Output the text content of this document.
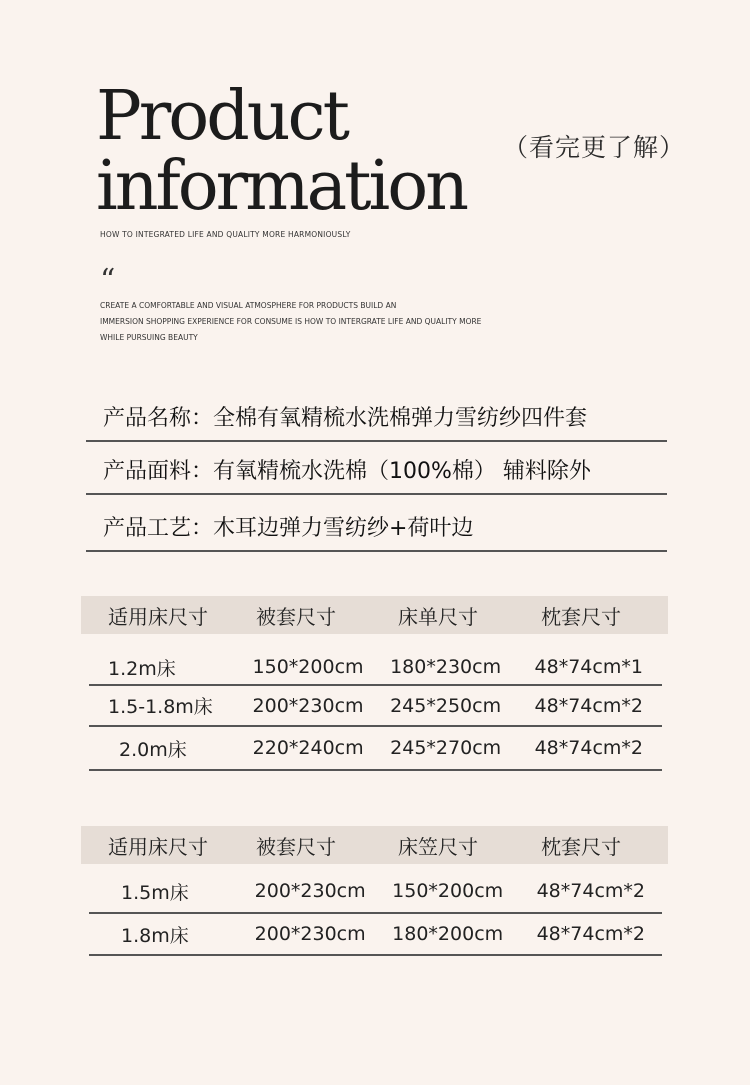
Product
information （看完更了解）
HOW TO INTEGRATED LIFE AND QUALITY MORE HARMONIOUSLY
“
CREATE A COMFORTABLE AND VISUAL ATMOSPHERE FOR PRODUCTS BUILD AN
IMMERSION SHOPPING EXPERIENCE FOR CONSUME IS HOW TO INTERGRATE LIFE AND QUALITY MORE
WHILE PURSUING BEAUTY
产品名称：全棉有氧精梳水洗棉弹力雪纺纱四件套
产品面料：有氧精梳水洗棉（100%棉） 辅料除外
产品工艺：木耳边弹力雪纺纱+荷叶边
适用床尺寸	被套尺寸	床单尺寸	枕套尺寸
1.2m床	150*200cm	180*230cm	48*74cm*1
1.5-1.8m床	200*230cm	245*250cm	48*74cm*2
2.0m床	220*240cm	245*270cm	48*74cm*2
适用床尺寸	被套尺寸	床笠尺寸	枕套尺寸
1.5m床	200*230cm	150*200cm	48*74cm*2
1.8m床	200*230cm	180*200cm	48*74cm*2
